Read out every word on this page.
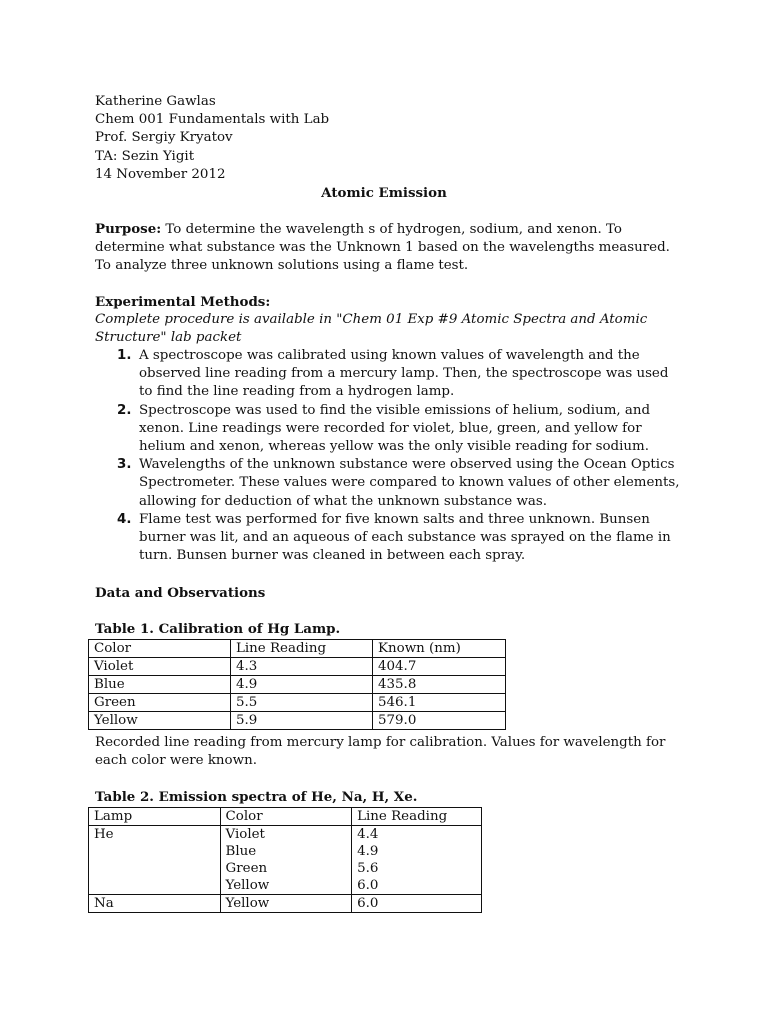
Katherine Gawlas
Chem 001 Fundamentals with Lab
Prof. Sergiy Kryatov
TA: Sezin Yigit
14 November 2012
Atomic Emission
Purpose: To determine the wavelength s of hydrogen, sodium, and xenon. To determine what substance was the Unknown 1 based on the wavelengths measured. To analyze three unknown solutions using a flame test.
Experimental Methods:
Complete procedure is available in "Chem 01 Exp #9 Atomic Spectra and Atomic Structure" lab packet
1. A spectroscope was calibrated using known values of wavelength and the observed line reading from a mercury lamp. Then, the spectroscope was used to find the line reading from a hydrogen lamp.
2. Spectroscope was used to find the visible emissions of helium, sodium, and xenon. Line readings were recorded for violet, blue, green, and yellow for helium and xenon, whereas yellow was the only visible reading for sodium.
3. Wavelengths of the unknown substance were observed using the Ocean Optics Spectrometer. These values were compared to known values of other elements, allowing for deduction of what the unknown substance was.
4. Flame test was performed for five known salts and three unknown. Bunsen burner was lit, and an aqueous of each substance was sprayed on the flame in turn. Bunsen burner was cleaned in between each spray.
Data and Observations
Table 1. Calibration of Hg Lamp.
Color	Line Reading	Known (nm)
Violet	4.3	404.7
Blue	4.9	435.8
Green	5.5	546.1
Yellow	5.9	579.0
Recorded line reading from mercury lamp for calibration. Values for wavelength for each color were known.
Table 2. Emission spectra of He, Na, H, Xe.
Lamp	Color	Line Reading
He	Violet	4.4
	Blue	4.9
	Green	5.6
	Yellow	6.0
Na	Yellow	6.0
